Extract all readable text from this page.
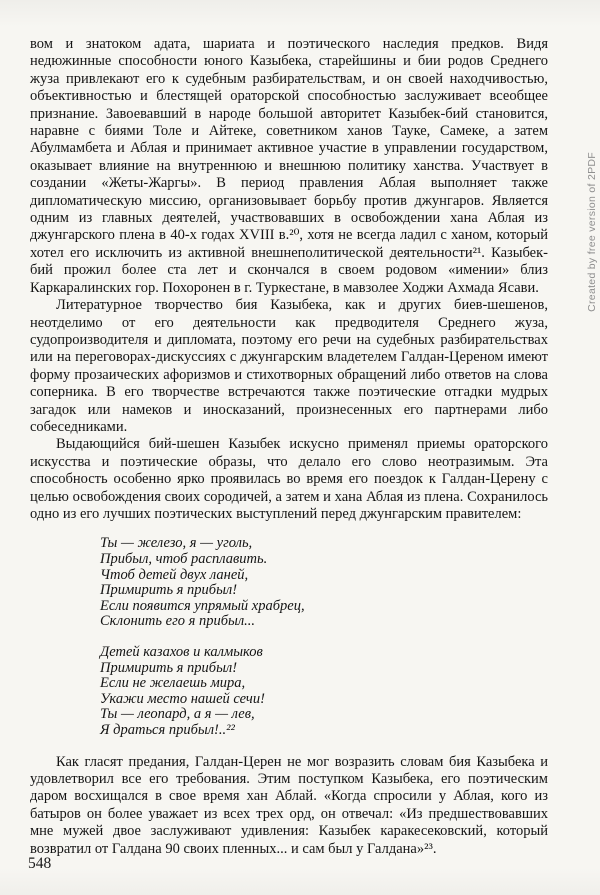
вом и знатоком адата, шариата и поэтического наследия предков. Видя недюжинные способности юного Казыбека, старейшины и бии родов Среднего жуза привлекают его к судебным разбирательствам, и он своей находчивостью, объективностью и блестящей ораторской способностью заслуживает всеобщее признание. Завоевавший в народе большой авторитет Казыбек-бий становится, наравне с биями Толе и Айтеке, советником ханов Тауке, Самеке, а затем Абулмамбета и Аблая и принимает активное участие в управлении государством, оказывает влияние на внутреннюю и внешнюю политику ханства. Участвует в создании «Жеты-Жаргы». В период правления Аблая выполняет также дипломатическую миссию, организовывает борьбу против джунгаров. Является одним из главных деятелей, участвовавших в освобождении хана Аблая из джунгарского плена в 40-х годах XVIII в.²⁰, хотя не всегда ладил с ханом, который хотел его исключить из активной внешнеполитической деятельности²¹. Казыбек-бий прожил более ста лет и скончался в своем родовом «имении» близ Каркаралинских гор. Похоронен в г. Туркестане, в мавзолее Ходжи Ахмада Ясави.

Литературное творчество бия Казыбека, как и других биев-шешенов, неотделимо от его деятельности как предводителя Среднего жуза, судопроизводителя и дипломата, поэтому его речи на судебных разбирательствах или на переговорах-дискуссиях с джунгарским владетелем Галдан-Цереном имеют форму прозаических афоризмов и стихотворных обращений либо ответов на слова соперника. В его творчестве встречаются также поэтические отгадки мудрых загадок или намеков и иносказаний, произнесенных его партнерами либо собеседниками.

Выдающийся бий-шешен Казыбек искусно применял приемы ораторского искусства и поэтические образы, что делало его слово неотразимым. Эта способность особенно ярко проявилась во время его поездок к Галдан-Церену с целью освобождения своих сородичей, а затем и хана Аблая из плена. Сохранилось одно из его лучших поэтических выступлений перед джунгарским правителем:

Ты — железо, я — уголь,
Прибыл, чтоб расплавить.
Чтоб детей двух ланей,
Примирить я прибыл!
Если появится упрямый храбрец,
Склонить его я прибыл...
Детей казахов и калмыков
Примирить я прибыл!
Если не желаешь мира,
Укажи место нашей сечи!
Ты — леопард, а я — лев,
Я драться прибыл!..²²

Как гласят предания, Галдан-Церен не мог возразить словам бия Казыбека и удовлетворил все его требования. Этим поступком Казыбека, его поэтическим даром восхищался в свое время хан Аблай. «Когда спросили у Аблая, кого из батыров он более уважает из всех трех орд, он отвечал: «Из предшествовавших мне мужей двое заслуживают удивления: Казыбек каракесековский, который возвратил от Галдана 90 своих пленных... и сам был у Галдана»²³.

548
Created by free version of 2PDF
